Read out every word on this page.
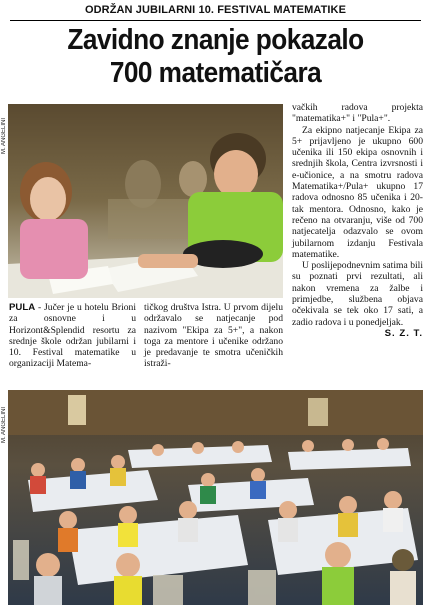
ODRŽAN JUBILARNI 10. FESTIVAL MATEMATIKE
Zavidno znanje pokazalo
700 matematičara
M. ANGELINI

PULA - Jučer je u hotelu Brioni za osnovne i u Horizont&Splendid resortu za srednje škole održan jubilarni i 10. Festival matematike u organizaciji Matema-

tičkog društva Istra. U prvom dijelu održavalo se natjecanje pod nazivom "Ekipa za 5+", a nakon toga za mentore i učenike održano je predavanje te smotra učeničkih istraži-

vačkih radova projekta "matematika+" i "Pula+".

Za ekipno natjecanje Ekipa za 5+ prijavljeno je ukupno 600 učenika ili 150 ekipa osnovnih i srednjih škola, Centra izvrsnosti i e-učionice, a na smotru radova Matematika+/Pula+ ukupno 17 radova odnosno 85 učenika i 20-tak mentora. Odnosno, kako je rečeno na otvaranju, više od 700 natjecatelja odazvalo se ovom jubilarnom izdanju Festivala matematike.

U poslijepodnevnim satima bili su poznati prvi rezultati, ali nakon vremena za žalbe i primjedbe, službena objava očekivala se tek oko 17 sati, a zadio radova i u ponedjeljak.

S. Z. T.

M. ANGELINI
